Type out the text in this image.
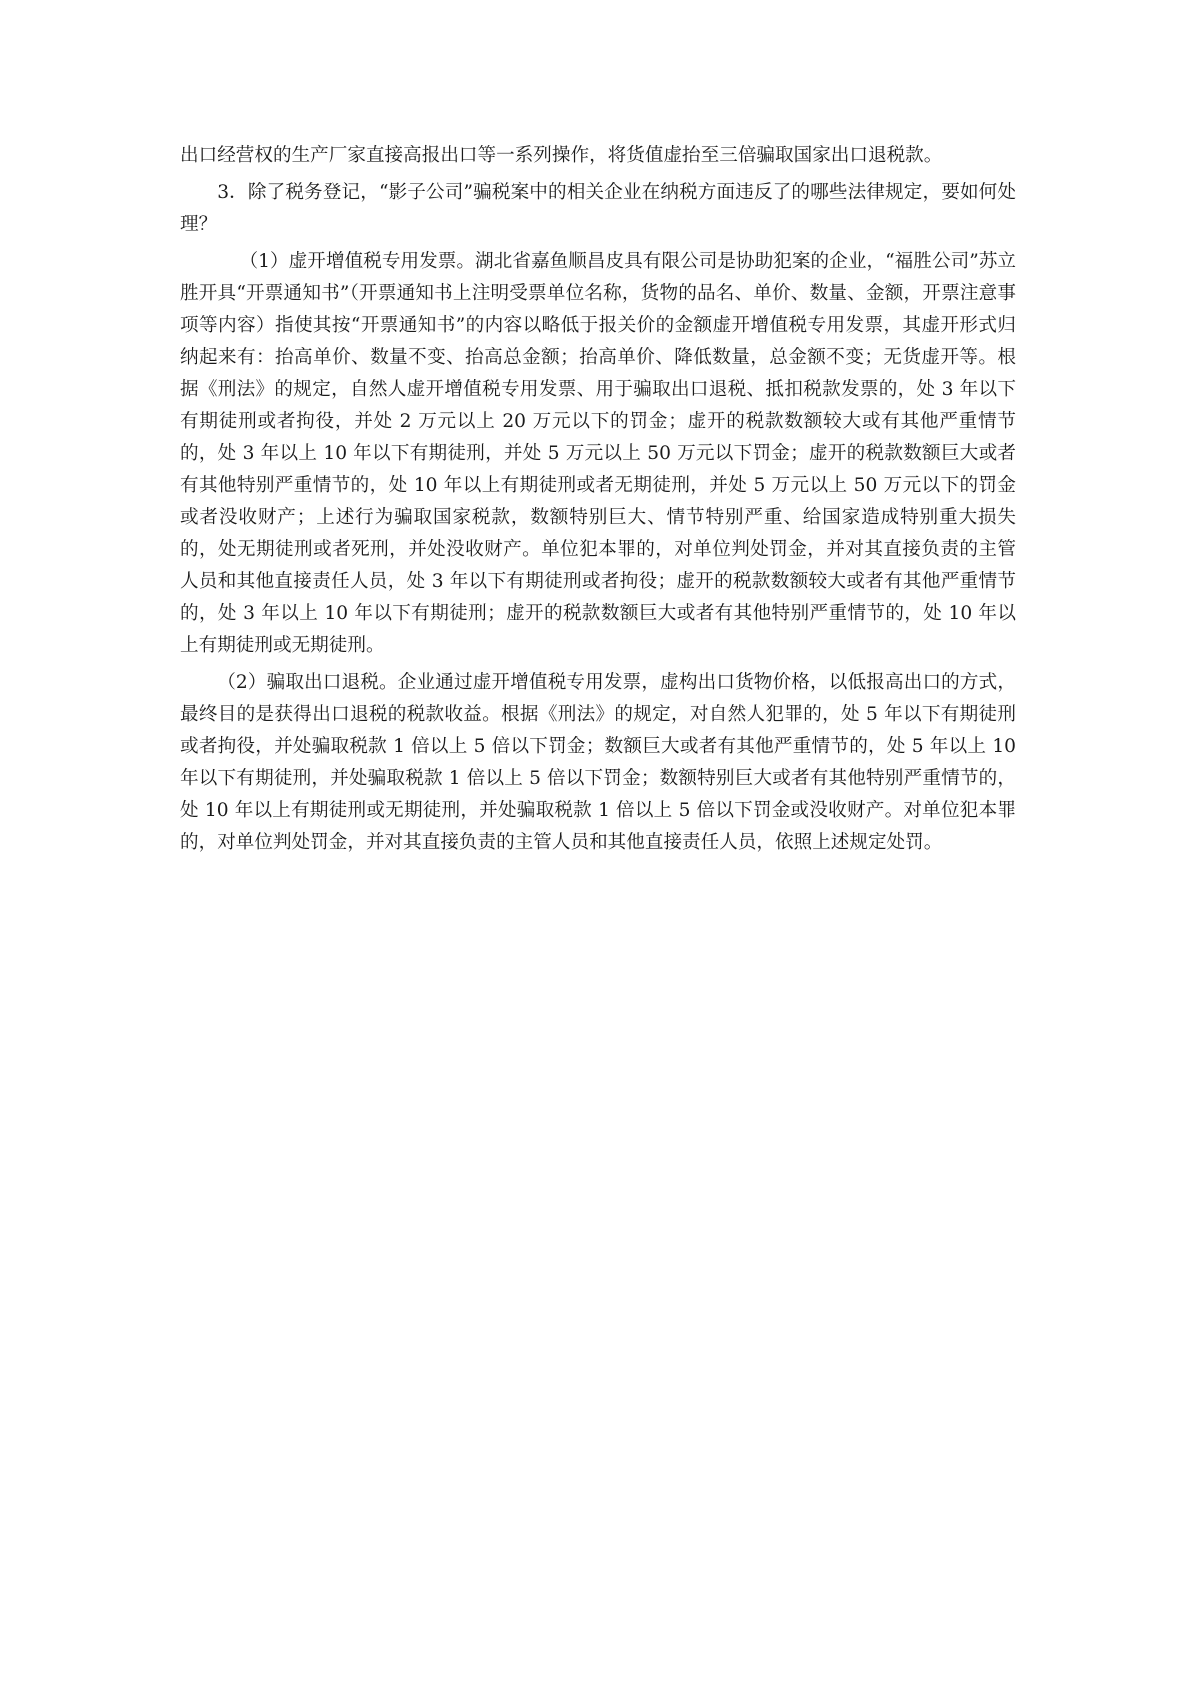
出口经营权的生产厂家直接高报出口等一系列操作，将货值虚抬至三倍骗取国家出口退税款。

3．除了税务登记，“影子公司”骗税案中的相关企业在纳税方面违反了的哪些法律规定，要如何处理？

（1）虚开增值税专用发票。湖北省嘉鱼顺昌皮具有限公司是协助犯案的企业，“福胜公司”苏立胜开具“开票通知书”（开票通知书上注明受票单位名称，货物的品名、单价、数量、金额，开票注意事项等内容）指使其按“开票通知书”的内容以略低于报关价的金额虚开增值税专用发票，其虚开形式归纳起来有：抬高单价、数量不变、抬高总金额；抬高单价、降低数量，总金额不变；无货虚开等。根据《刑法》的规定，自然人虚开增值税专用发票、用于骗取出口退税、抵扣税款发票的，处 3 年以下有期徒刑或者拘役，并处 2 万元以上 20 万元以下的罚金；虚开的税款数额较大或有其他严重情节的，处 3 年以上 10 年以下有期徒刑，并处 5 万元以上 50 万元以下罚金；虚开的税款数额巨大或者有其他特别严重情节的，处 10 年以上有期徒刑或者无期徒刑，并处 5 万元以上 50 万元以下的罚金或者没收财产；上述行为骗取国家税款，数额特别巨大、情节特别严重、给国家造成特别重大损失的，处无期徒刑或者死刑，并处没收财产。单位犯本罪的，对单位判处罚金，并对其直接负责的主管人员和其他直接责任人员，处 3 年以下有期徒刑或者拘役；虚开的税款数额较大或者有其他严重情节的，处 3 年以上 10 年以下有期徒刑；虚开的税款数额巨大或者有其他特别严重情节的，处 10 年以上有期徒刑或无期徒刑。

（2）骗取出口退税。企业通过虚开增值税专用发票，虚构出口货物价格，以低报高出口的方式，最终目的是获得出口退税的税款收益。根据《刑法》的规定，对自然人犯罪的，处 5 年以下有期徒刑或者拘役，并处骗取税款 1 倍以上 5 倍以下罚金；数额巨大或者有其他严重情节的，处 5 年以上 10 年以下有期徒刑，并处骗取税款 1 倍以上 5 倍以下罚金；数额特别巨大或者有其他特别严重情节的，处 10 年以上有期徒刑或无期徒刑，并处骗取税款 1 倍以上 5 倍以下罚金或没收财产。对单位犯本罪的，对单位判处罚金，并对其直接负责的主管人员和其他直接责任人员，依照上述规定处罚。
